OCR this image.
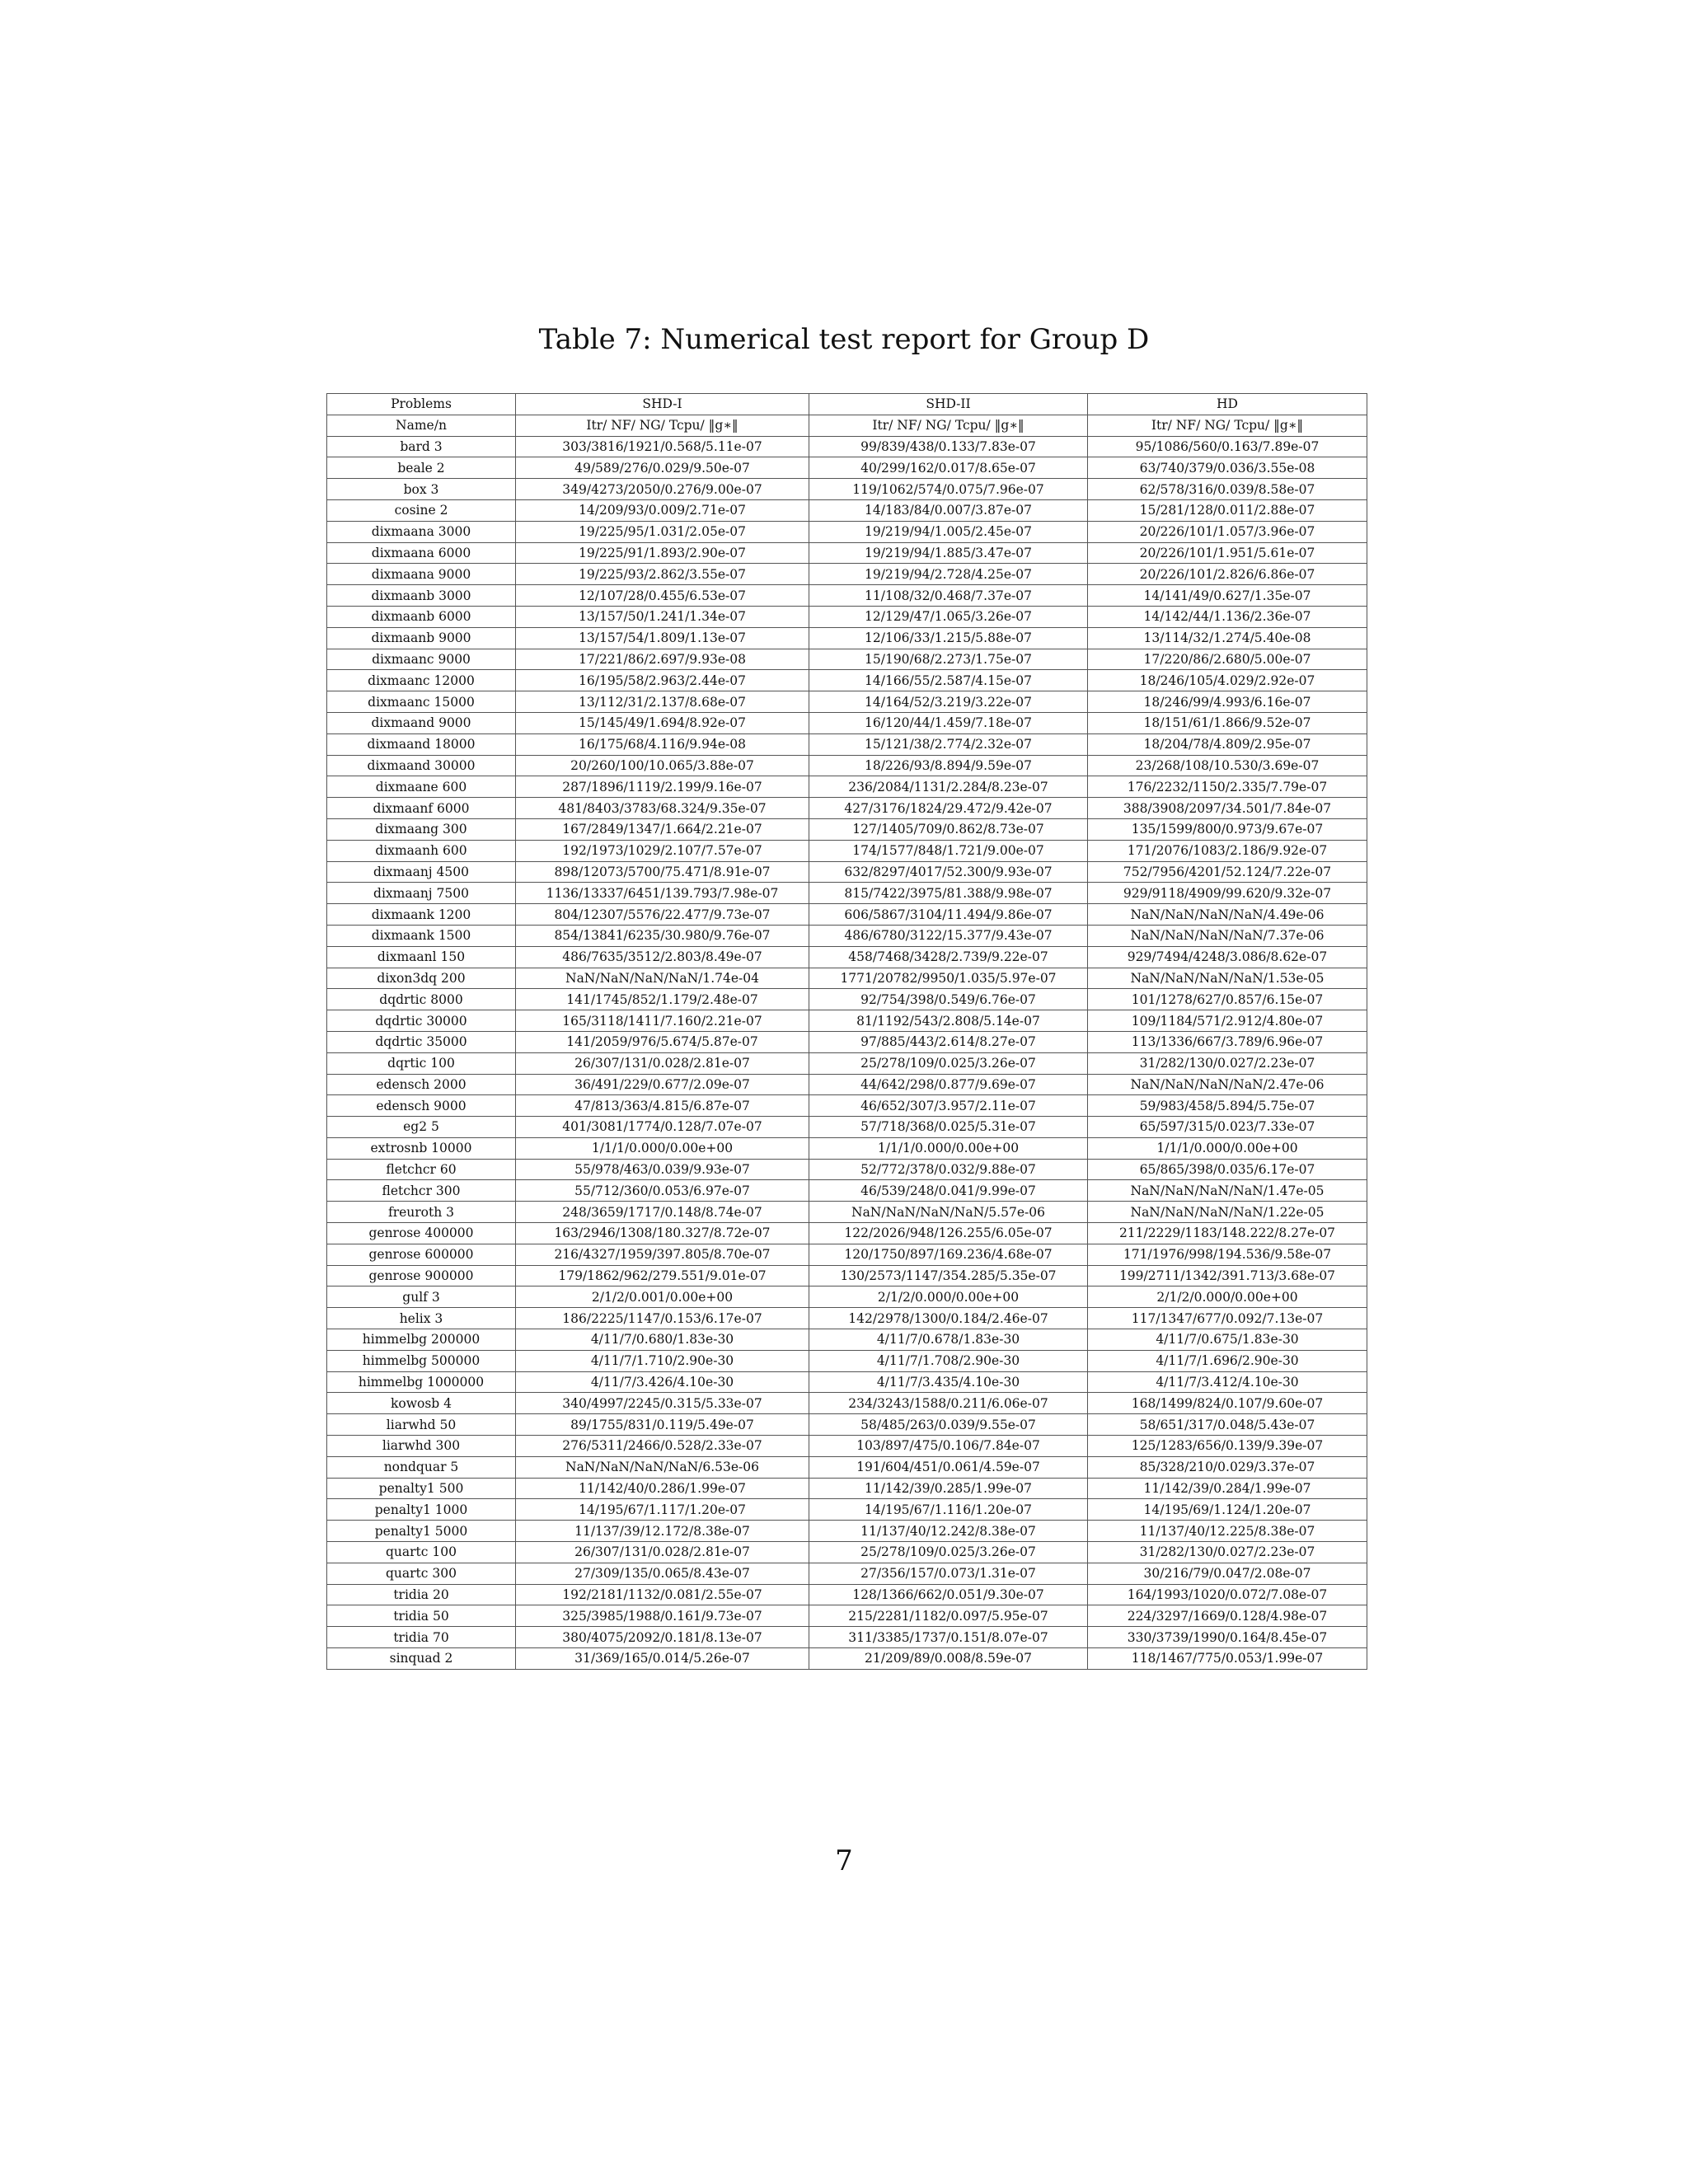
Table 7: Numerical test report for Group D
Problems	SHD-I	SHD-II	HD
Name/n	Itr/ NF/ NG/ Tcpu/ ‖g∗‖	Itr/ NF/ NG/ Tcpu/ ‖g∗‖	Itr/ NF/ NG/ Tcpu/ ‖g∗‖
bard 3	303/3816/1921/0.568/5.11e-07	99/839/438/0.133/7.83e-07	95/1086/560/0.163/7.89e-07
beale 2	49/589/276/0.029/9.50e-07	40/299/162/0.017/8.65e-07	63/740/379/0.036/3.55e-08
box 3	349/4273/2050/0.276/9.00e-07	119/1062/574/0.075/7.96e-07	62/578/316/0.039/8.58e-07
cosine 2	14/209/93/0.009/2.71e-07	14/183/84/0.007/3.87e-07	15/281/128/0.011/2.88e-07
dixmaana 3000	19/225/95/1.031/2.05e-07	19/219/94/1.005/2.45e-07	20/226/101/1.057/3.96e-07
dixmaana 6000	19/225/91/1.893/2.90e-07	19/219/94/1.885/3.47e-07	20/226/101/1.951/5.61e-07
dixmaana 9000	19/225/93/2.862/3.55e-07	19/219/94/2.728/4.25e-07	20/226/101/2.826/6.86e-07
dixmaanb 3000	12/107/28/0.455/6.53e-07	11/108/32/0.468/7.37e-07	14/141/49/0.627/1.35e-07
dixmaanb 6000	13/157/50/1.241/1.34e-07	12/129/47/1.065/3.26e-07	14/142/44/1.136/2.36e-07
dixmaanb 9000	13/157/54/1.809/1.13e-07	12/106/33/1.215/5.88e-07	13/114/32/1.274/5.40e-08
dixmaanc 9000	17/221/86/2.697/9.93e-08	15/190/68/2.273/1.75e-07	17/220/86/2.680/5.00e-07
dixmaanc 12000	16/195/58/2.963/2.44e-07	14/166/55/2.587/4.15e-07	18/246/105/4.029/2.92e-07
dixmaanc 15000	13/112/31/2.137/8.68e-07	14/164/52/3.219/3.22e-07	18/246/99/4.993/6.16e-07
dixmaand 9000	15/145/49/1.694/8.92e-07	16/120/44/1.459/7.18e-07	18/151/61/1.866/9.52e-07
dixmaand 18000	16/175/68/4.116/9.94e-08	15/121/38/2.774/2.32e-07	18/204/78/4.809/2.95e-07
dixmaand 30000	20/260/100/10.065/3.88e-07	18/226/93/8.894/9.59e-07	23/268/108/10.530/3.69e-07
dixmaane 600	287/1896/1119/2.199/9.16e-07	236/2084/1131/2.284/8.23e-07	176/2232/1150/2.335/7.79e-07
dixmaanf 6000	481/8403/3783/68.324/9.35e-07	427/3176/1824/29.472/9.42e-07	388/3908/2097/34.501/7.84e-07
dixmaang 300	167/2849/1347/1.664/2.21e-07	127/1405/709/0.862/8.73e-07	135/1599/800/0.973/9.67e-07
dixmaanh 600	192/1973/1029/2.107/7.57e-07	174/1577/848/1.721/9.00e-07	171/2076/1083/2.186/9.92e-07
dixmaanj 4500	898/12073/5700/75.471/8.91e-07	632/8297/4017/52.300/9.93e-07	752/7956/4201/52.124/7.22e-07
dixmaanj 7500	1136/13337/6451/139.793/7.98e-07	815/7422/3975/81.388/9.98e-07	929/9118/4909/99.620/9.32e-07
dixmaank 1200	804/12307/5576/22.477/9.73e-07	606/5867/3104/11.494/9.86e-07	NaN/NaN/NaN/NaN/4.49e-06
dixmaank 1500	854/13841/6235/30.980/9.76e-07	486/6780/3122/15.377/9.43e-07	NaN/NaN/NaN/NaN/7.37e-06
dixmaanl 150	486/7635/3512/2.803/8.49e-07	458/7468/3428/2.739/9.22e-07	929/7494/4248/3.086/8.62e-07
dixon3dq 200	NaN/NaN/NaN/NaN/1.74e-04	1771/20782/9950/1.035/5.97e-07	NaN/NaN/NaN/NaN/1.53e-05
dqdrtic 8000	141/1745/852/1.179/2.48e-07	92/754/398/0.549/6.76e-07	101/1278/627/0.857/6.15e-07
dqdrtic 30000	165/3118/1411/7.160/2.21e-07	81/1192/543/2.808/5.14e-07	109/1184/571/2.912/4.80e-07
dqdrtic 35000	141/2059/976/5.674/5.87e-07	97/885/443/2.614/8.27e-07	113/1336/667/3.789/6.96e-07
dqrtic 100	26/307/131/0.028/2.81e-07	25/278/109/0.025/3.26e-07	31/282/130/0.027/2.23e-07
edensch 2000	36/491/229/0.677/2.09e-07	44/642/298/0.877/9.69e-07	NaN/NaN/NaN/NaN/2.47e-06
edensch 9000	47/813/363/4.815/6.87e-07	46/652/307/3.957/2.11e-07	59/983/458/5.894/5.75e-07
eg2 5	401/3081/1774/0.128/7.07e-07	57/718/368/0.025/5.31e-07	65/597/315/0.023/7.33e-07
extrosnb 10000	1/1/1/0.000/0.00e+00	1/1/1/0.000/0.00e+00	1/1/1/0.000/0.00e+00
fletchcr 60	55/978/463/0.039/9.93e-07	52/772/378/0.032/9.88e-07	65/865/398/0.035/6.17e-07
fletchcr 300	55/712/360/0.053/6.97e-07	46/539/248/0.041/9.99e-07	NaN/NaN/NaN/NaN/1.47e-05
freuroth 3	248/3659/1717/0.148/8.74e-07	NaN/NaN/NaN/NaN/5.57e-06	NaN/NaN/NaN/NaN/1.22e-05
genrose 400000	163/2946/1308/180.327/8.72e-07	122/2026/948/126.255/6.05e-07	211/2229/1183/148.222/8.27e-07
genrose 600000	216/4327/1959/397.805/8.70e-07	120/1750/897/169.236/4.68e-07	171/1976/998/194.536/9.58e-07
genrose 900000	179/1862/962/279.551/9.01e-07	130/2573/1147/354.285/5.35e-07	199/2711/1342/391.713/3.68e-07
gulf 3	2/1/2/0.001/0.00e+00	2/1/2/0.000/0.00e+00	2/1/2/0.000/0.00e+00
helix 3	186/2225/1147/0.153/6.17e-07	142/2978/1300/0.184/2.46e-07	117/1347/677/0.092/7.13e-07
himmelbg 200000	4/11/7/0.680/1.83e-30	4/11/7/0.678/1.83e-30	4/11/7/0.675/1.83e-30
himmelbg 500000	4/11/7/1.710/2.90e-30	4/11/7/1.708/2.90e-30	4/11/7/1.696/2.90e-30
himmelbg 1000000	4/11/7/3.426/4.10e-30	4/11/7/3.435/4.10e-30	4/11/7/3.412/4.10e-30
kowosb 4	340/4997/2245/0.315/5.33e-07	234/3243/1588/0.211/6.06e-07	168/1499/824/0.107/9.60e-07
liarwhd 50	89/1755/831/0.119/5.49e-07	58/485/263/0.039/9.55e-07	58/651/317/0.048/5.43e-07
liarwhd 300	276/5311/2466/0.528/2.33e-07	103/897/475/0.106/7.84e-07	125/1283/656/0.139/9.39e-07
nondquar 5	NaN/NaN/NaN/NaN/6.53e-06	191/604/451/0.061/4.59e-07	85/328/210/0.029/3.37e-07
penalty1 500	11/142/40/0.286/1.99e-07	11/142/39/0.285/1.99e-07	11/142/39/0.284/1.99e-07
penalty1 1000	14/195/67/1.117/1.20e-07	14/195/67/1.116/1.20e-07	14/195/69/1.124/1.20e-07
penalty1 5000	11/137/39/12.172/8.38e-07	11/137/40/12.242/8.38e-07	11/137/40/12.225/8.38e-07
quartc 100	26/307/131/0.028/2.81e-07	25/278/109/0.025/3.26e-07	31/282/130/0.027/2.23e-07
quartc 300	27/309/135/0.065/8.43e-07	27/356/157/0.073/1.31e-07	30/216/79/0.047/2.08e-07
tridia 20	192/2181/1132/0.081/2.55e-07	128/1366/662/0.051/9.30e-07	164/1993/1020/0.072/7.08e-07
tridia 50	325/3985/1988/0.161/9.73e-07	215/2281/1182/0.097/5.95e-07	224/3297/1669/0.128/4.98e-07
tridia 70	380/4075/2092/0.181/8.13e-07	311/3385/1737/0.151/8.07e-07	330/3739/1990/0.164/8.45e-07
sinquad 2	31/369/165/0.014/5.26e-07	21/209/89/0.008/8.59e-07	118/1467/775/0.053/1.99e-07
7
